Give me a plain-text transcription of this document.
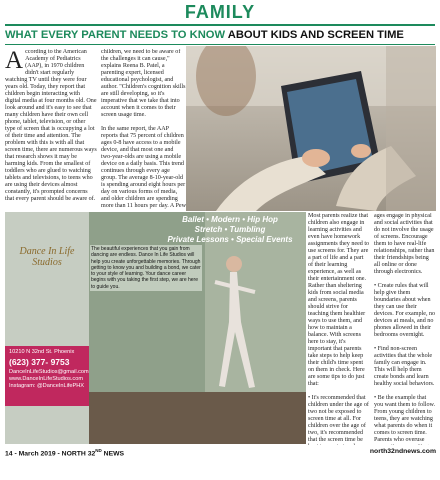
FAMILY
WHAT EVERY PARENT NEEDS TO KNOW ABOUT KIDS AND SCREEN TIME

According to the American Academy of Pediatrics (AAP), in 1970 children didn't start regularly watching TV until they were four years old. Today, they report that children begin interacting with digital media at four months old. One look around and it's easy to see that many children have their own cell phone, tablet, television, or other type of screen that is occupying a lot of their time and attention. The problem with this is with all that screen time, there are numerous ways that research shows it may be harming kids. From the smallest of toddlers who are glued to watching tablets and televisions, to teens who are using their devices almost constantly, it's prompted concerns that every parent should be aware of.

children, we need to be aware of the challenges it can cause," explains Reena B. Patel, a parenting expert, licensed educational psychologist, and author. "Children's cognition skills are still developing, so it's imperative that we take that into account when it comes to their screen usage time.

In the same report, the AAP reports that 75 percent of children ages 0-8 have access to a mobile device, and that most one and two-year-olds are using a mobile device on a daily basis. This trend continues through every age group. The average 8-10-year-old is spending around eight hours per day on various forms of media, and older children are spending more than 11 hours per day. A Pew

Most parents realize that children also engage in learning activities and even have homework assignments they need to use screens for. They are a part of life and a part of their learning experience, as well as their entertainment one. Rather than sheltering kids from social media and screens, parents should strive for teaching them healthier ways to use them, and how to maintain a balance. With screens here to stay, it's important that parents take steps to help keep their child's time spent on them in check. Here are some tips to do just that:

• It's recommended that children under the age of two not be exposed to screen time at all. For children over the age of two, it's recommended that the screen time be

ages engage in physical and social activities that do not involve the usage of screens. Encourage them to have real-life relationships, rather than their friendships being all online or done through electronics.

• Create rules that will help give them boundaries about when they can use their devices. For example, no devices at meals, and no phones allowed in their bedrooms overnight.

• Find non-screen activities that the whole family can engage in. This will help them create bonds and learn healthy social behaviors.

• Be the example that you want them to follow. From young children to teens, they are watching what parents do when it comes to screen time. Parents who overuse

Ballet • Modern • Hip Hop
Stretch • Tumbling
Private Lessons • Special Events
Dance In Life Studios
The beautiful experiences that you gain from dancing are endless. Dance In Life Studios will help you create unforgettable memories. Through getting to know you and building a bond, we cater to your style of learning. Your dance career begins with you taking the first step, we are here to guide you.
10210 N 32nd St. Phoenix
(623) 377- 9753
DanceInLifeStudios@gmail.com
www.DanceInLifeStudios.com
Instagram: @DanceInLifePHX
14 - March 2019 - NORTH 32ND NEWS	north32ndnews.com
